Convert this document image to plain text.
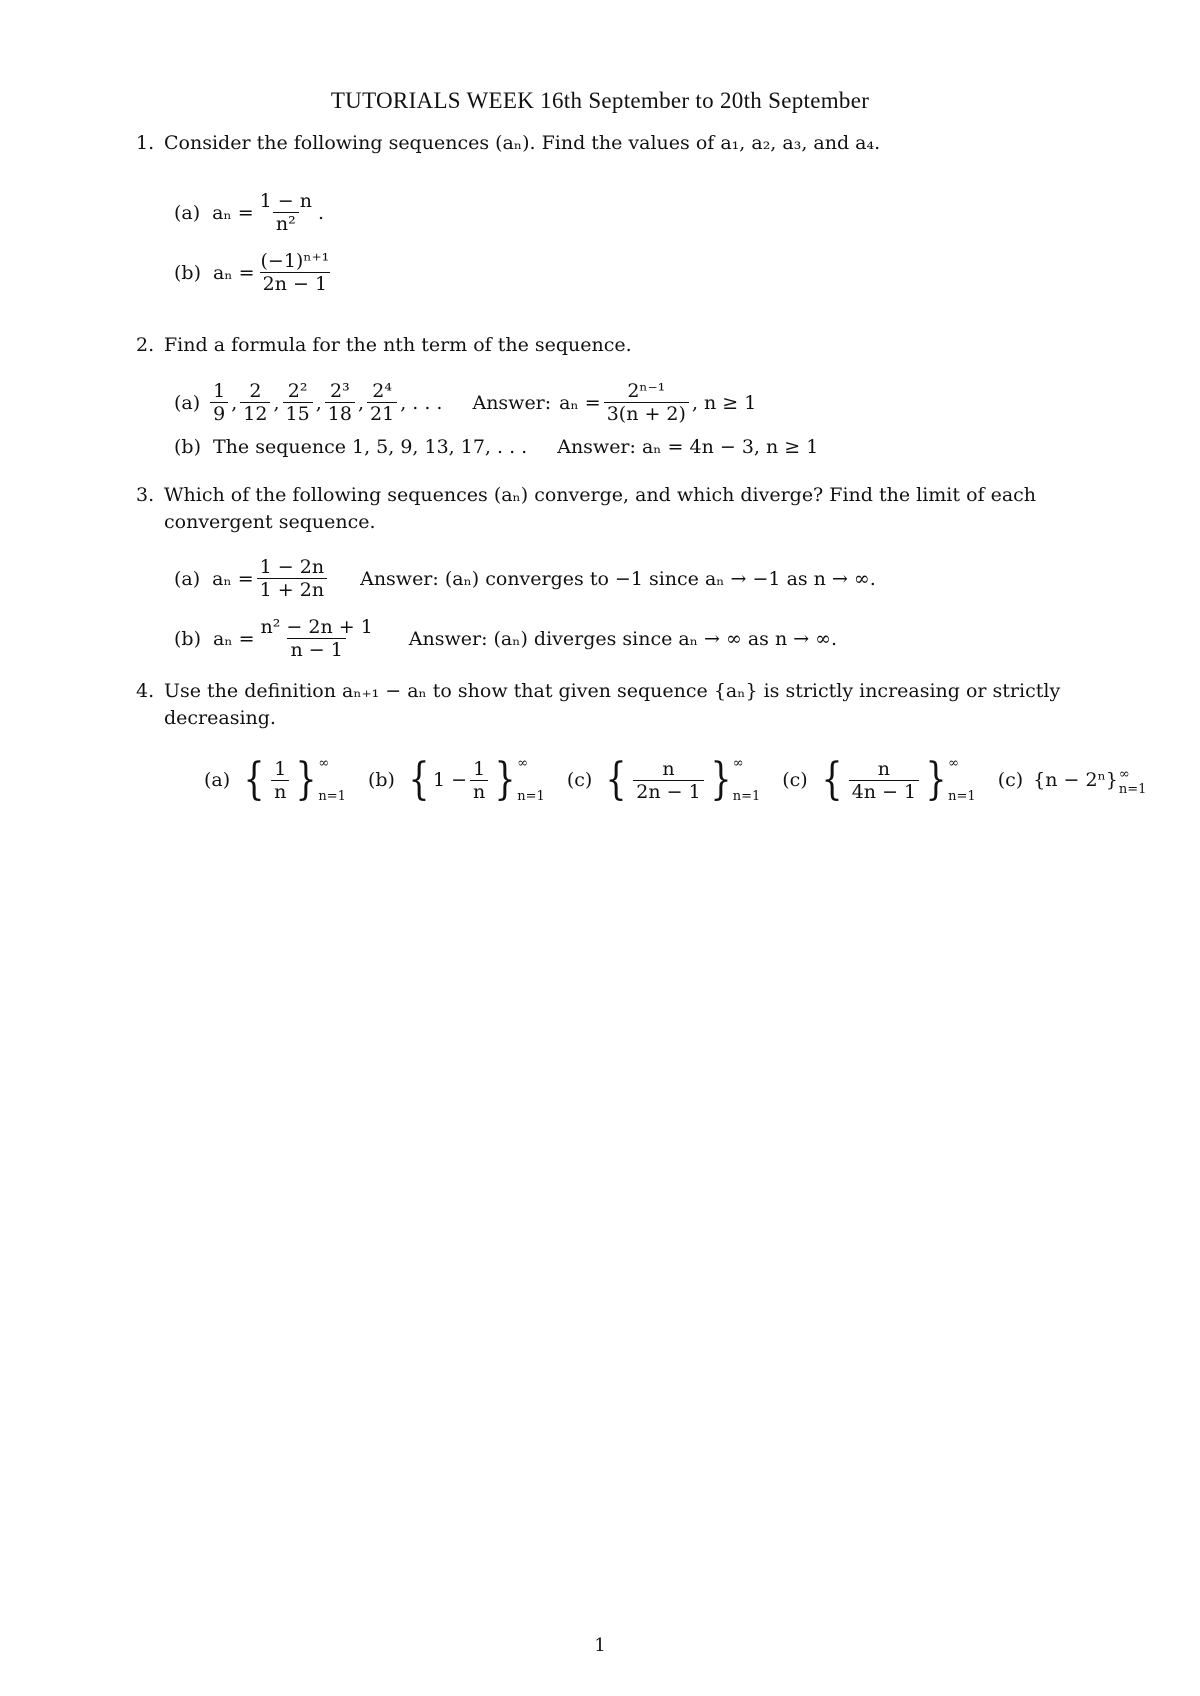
TUTORIALS WEEK 16th September to 20th September
1. Consider the following sequences (aₙ). Find the values of a₁, a₂, a₃, and a₄.
(a) $a_n = \frac{1 - n}{\text{n²}}$ .
(b) $a_n = \frac{\text{(−1)ⁿ⁺¹}}{2n - 1}$
2. Find a formula for the nth term of the sequence.
$(a) \frac{1}{9}$ , $\frac{2}{12}$ , $\frac{\text{2²}}{15}$ , $\frac{\text{2³}}{18}$ , $\frac{\text{2⁴}}{21}$ , . . . Answer: $a_n = \frac{\text{2ⁿ⁻¹}}{3(n + 2)}$ , n ≥ 1
(b) The sequence 1, 5, 9, 13, 17, . . . Answer: aₙ = 4n − 3, n ≥ 1
3. Which of the following sequences (aₙ) converge, and which diverge? Find the limit of each convergent sequence.
(a) $a_n = \frac{1 - 2n}{1 + 2n}$ Answer: (aₙ) converges to −1 since aₙ → −1 as n → ∞.
(b) $a_n = \frac{\text{n² − 2n + 1}}{n - 1}$ Answer: (aₙ) diverges since aₙ → ∞ as n → ∞.
4. Use the definition aₙ₊₁ − aₙ to show that given sequence {aₙ} is strictly increasing or strictly decreasing.
(a) { $\frac{1}{n}$ } ∞
n=1
(b) { $1 - \frac{1}{n}$ } ∞
n=1
(c) { $\frac{n}{2n - 1}$ } ∞
n=1
(c) { $\frac{n}{4n - 1}$ } ∞
n=1
(c) {n − 2ⁿ} ∞
n=1
1
